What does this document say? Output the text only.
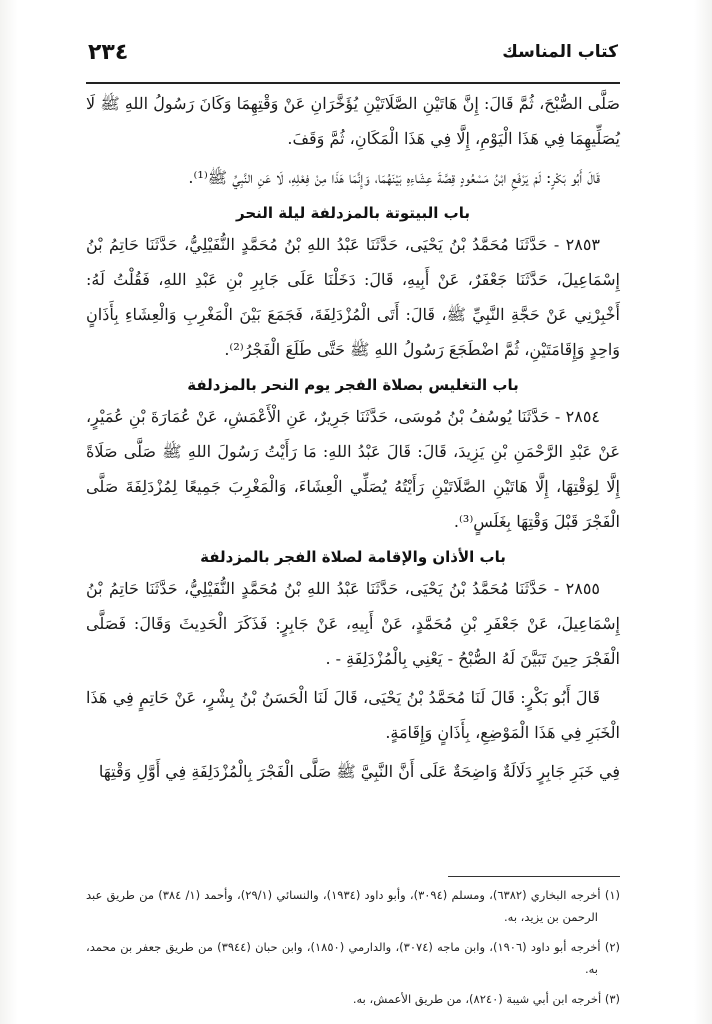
٢٣٤	كتاب المناسك

صَلَّى الصُّبْحَ، ثُمَّ قَالَ: إِنَّ هَاتَيْنِ الصَّلَاتَيْنِ يُؤَخَّرَانِ عَنْ وَقْتِهِمَا وَكَانَ رَسُولُ اللهِ ﷺ لَا يُصَلِّيهِمَا فِي هَذَا الْيَوْمِ، إِلَّا فِي هَذَا الْمَكَانِ، ثُمَّ وَقَفَ.

قَالَ أَبُو بَكْرٍ: لَمْ يَرْفَعِ ابْنُ مَسْعُودٍ قِصَّةَ عِشَاءِهِ بَيْنَهُمَا، وَإِنَّمَا هَذَا مِنْ فِعْلِهِ، لَا عَنِ النَّبِيِّ ﷺ⁽¹⁾.

باب البيتوتة بالمزدلفة ليلة النحر

٢٨٥٣ - حَدَّثَنَا مُحَمَّدُ بْنُ يَحْيَى، حَدَّثَنَا عَبْدُ اللهِ بْنُ مُحَمَّدٍ النُّفَيْلِيُّ، حَدَّثَنَا حَاتِمُ بْنُ إِسْمَاعِيلَ، حَدَّثَنَا جَعْفَرٌ، عَنْ أَبِيهِ، قَالَ: دَخَلْنَا عَلَى جَابِرِ بْنِ عَبْدِ اللهِ، فَقُلْتُ لَهُ: أَخْبِرْنِي عَنْ حَجَّةِ النَّبِيِّ ﷺ، قَالَ: أَتَى الْمُزْدَلِفَةَ، فَجَمَعَ بَيْنَ الْمَغْرِبِ وَالْعِشَاءِ بِأَذَانٍ وَاحِدٍ وَإِقَامَتَيْنِ، ثُمَّ اضْطَجَعَ رَسُولُ اللهِ ﷺ حَتَّى طَلَعَ الْفَجْرُ⁽²⁾.

باب التغليس بصلاة الفجر يوم النحر بالمزدلفة

٢٨٥٤ - حَدَّثَنَا يُوسُفُ بْنُ مُوسَى، حَدَّثَنَا جَرِيرٌ، عَنِ الْأَعْمَشِ، عَنْ عُمَارَةَ بْنِ عُمَيْرٍ، عَنْ عَبْدِ الرَّحْمَنِ بْنِ يَزِيدَ، قَالَ: قَالَ عَبْدُ اللهِ: مَا رَأَيْتُ رَسُولَ اللهِ ﷺ صَلَّى صَلَاةً إِلَّا لِوَقْتِهَا، إِلَّا هَاتَيْنِ الصَّلَاتَيْنِ رَأَيْتُهُ يُصَلِّي الْعِشَاءَ، وَالْمَغْرِبَ جَمِيعًا لِمُزْدَلِفَةَ صَلَّى الْفَجْرَ قَبْلَ وَقْتِهَا بِغَلَسٍ⁽³⁾.

باب الأذان والإقامة لصلاة الفجر بالمزدلفة

٢٨٥٥ - حَدَّثَنَا مُحَمَّدُ بْنُ يَحْيَى، حَدَّثَنَا عَبْدُ اللهِ بْنُ مُحَمَّدٍ النُّفَيْلِيُّ، حَدَّثَنَا حَاتِمُ بْنُ إِسْمَاعِيلَ، عَنْ جَعْفَرِ بْنِ مُحَمَّدٍ، عَنْ أَبِيهِ، عَنْ جَابِرٍ: فَذَكَرَ الْحَدِيثَ وَقَالَ: فَصَلَّى الْفَجْرَ حِينَ تَبَيَّنَ لَهُ الصُّبْحُ - يَعْنِي بِالْمُزْدَلِفَةِ - .

قَالَ أَبُو بَكْرٍ: قَالَ لَنَا مُحَمَّدُ بْنُ يَحْيَى، قَالَ لَنَا الْحَسَنُ بْنُ بِشْرٍ، عَنْ حَاتِمٍ فِي هَذَا الْخَبَرِ فِي هَذَا الْمَوْضِعِ، بِأَذَانٍ وَإِقَامَةٍ.

فِي خَبَرِ جَابِرٍ دَلَالَةٌ وَاضِحَةٌ عَلَى أَنَّ النَّبِيَّ ﷺ صَلَّى الْفَجْرَ بِالْمُزْدَلِفَةِ فِي أَوَّلِ وَقْتِهَا

(١) أخرجه البخاري (٦٣٨٢)، ومسلم (٣٠٩٤)، وأبو داود (١٩٣٤)، والنسائي (٢٩/١)، وأحمد (١/ ٣٨٤) من طريق عبد الرحمن بن يزيد، به.

(٢) أخرجه أبو داود (١٩٠٦)، وابن ماجه (٣٠٧٤)، والدارمي (١٨٥٠)، وابن حبان (٣٩٤٤) من طريق جعفر بن محمد، به.

(٣) أخرجه ابن أبي شيبة (٨٢٤٠)، من طريق الأعمش، به.
